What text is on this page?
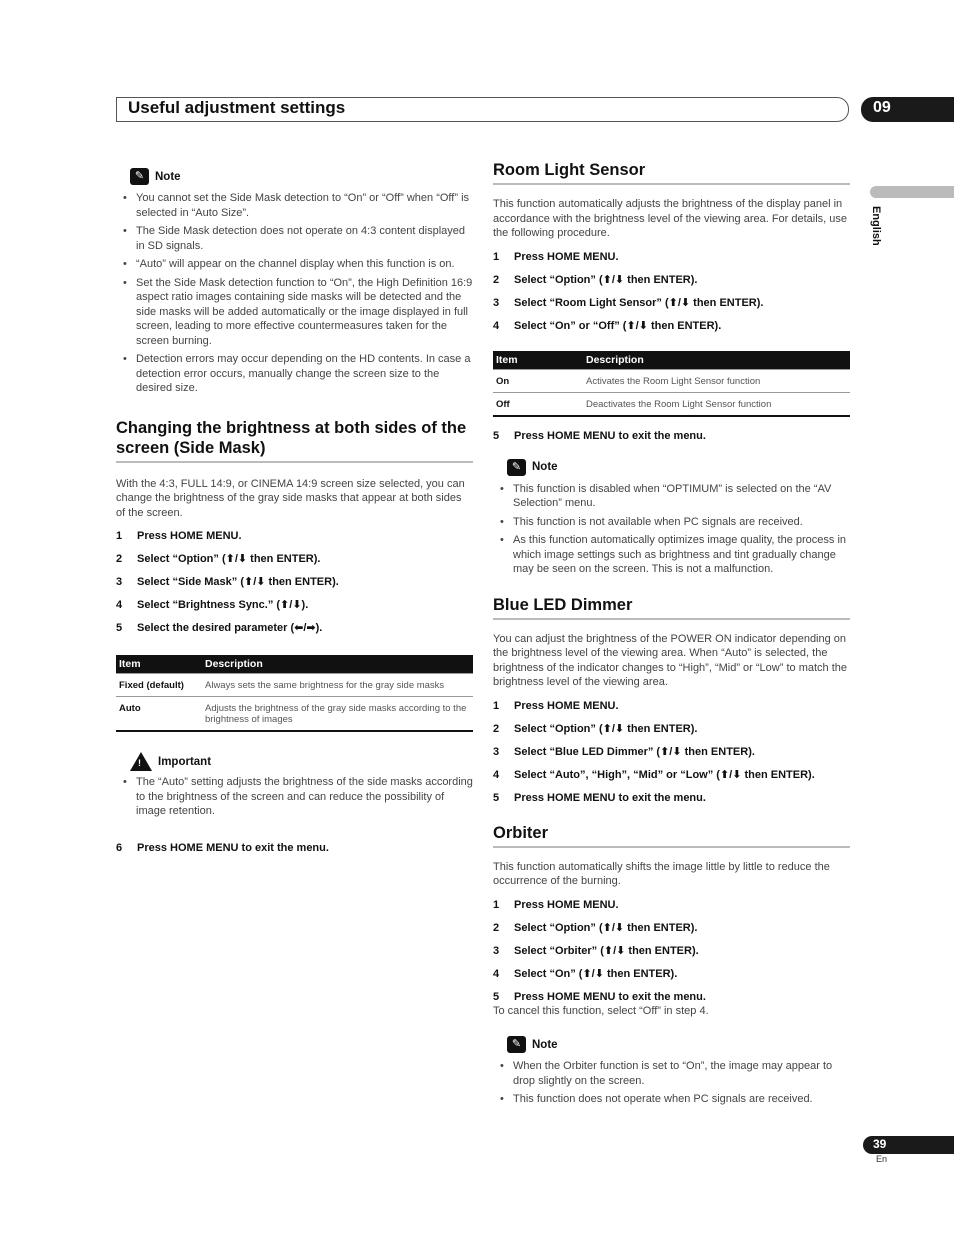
Useful adjustment settings	09
English
✎ Note
• You cannot set the Side Mask detection to “On” or “Off” when “Off” is selected in “Auto Size”.
• The Side Mask detection does not operate on 4:3 content displayed in SD signals.
• “Auto” will appear on the channel display when this function is on.
• Set the Side Mask detection function to “On”, the High Definition 16:9 aspect ratio images containing side masks will be detected and the side masks will be added automatically or the image displayed in full screen, leading to more effective countermeasures taken for the screen burning.
• Detection errors may occur depending on the HD contents. In case a detection error occurs, manually change the screen size to the desired size.
Changing the brightness at both sides of the screen (Side Mask)

With the 4:3, FULL 14:9, or CINEMA 14:9 screen size selected, you can change the brightness of the gray side masks that appear at both sides of the screen.

1	Press HOME MENU.
2	Select “Option” (⬆/⬇ then ENTER).
3	Select “Side Mask” (⬆/⬇ then ENTER).
4	Select “Brightness Sync.” (⬆/⬇).
5	Select the desired parameter (⬅/➡).
Item	Description
Fixed (default)	Always sets the same brightness for the gray side masks
Auto	Adjusts the brightness of the gray side masks according to the brightness of images
! Important
• The “Auto” setting adjusts the brightness of the side masks according to the brightness of the screen and can reduce the possibility of image retention.
6	Press HOME MENU to exit the menu.
Room Light Sensor

This function automatically adjusts the brightness of the display panel in accordance with the brightness level of the viewing area. For details, use the following procedure.

1	Press HOME MENU.
2	Select “Option” (⬆/⬇ then ENTER).
3	Select “Room Light Sensor” (⬆/⬇ then ENTER).
4	Select “On” or “Off” (⬆/⬇ then ENTER).
Item	Description
On	Activates the Room Light Sensor function
Off	Deactivates the Room Light Sensor function
5	Press HOME MENU to exit the menu.
✎ Note
• This function is disabled when “OPTIMUM” is selected on the “AV Selection” menu.
• This function is not available when PC signals are received.
• As this function automatically optimizes image quality, the process in which image settings such as brightness and tint gradually change may be seen on the screen. This is not a malfunction.
Blue LED Dimmer

You can adjust the brightness of the POWER ON indicator depending on the brightness level of the viewing area. When “Auto” is selected, the brightness of the indicator changes to “High”, “Mid” or “Low” to match the brightness level of the viewing area.

1	Press HOME MENU.
2	Select “Option” (⬆/⬇ then ENTER).
3	Select “Blue LED Dimmer” (⬆/⬇ then ENTER).
4	Select “Auto”, “High”, “Mid” or “Low” (⬆/⬇ then ENTER).
5	Press HOME MENU to exit the menu.
Orbiter

This function automatically shifts the image little by little to reduce the occurrence of the burning.

1	Press HOME MENU.
2	Select “Option” (⬆/⬇ then ENTER).
3	Select “Orbiter” (⬆/⬇ then ENTER).
4	Select “On” (⬆/⬇ then ENTER).
5	Press HOME MENU to exit the menu.

To cancel this function, select “Off” in step 4.

✎ Note
• When the Orbiter function is set to “On”, the image may appear to drop slightly on the screen.
• This function does not operate when PC signals are received.
39
En
